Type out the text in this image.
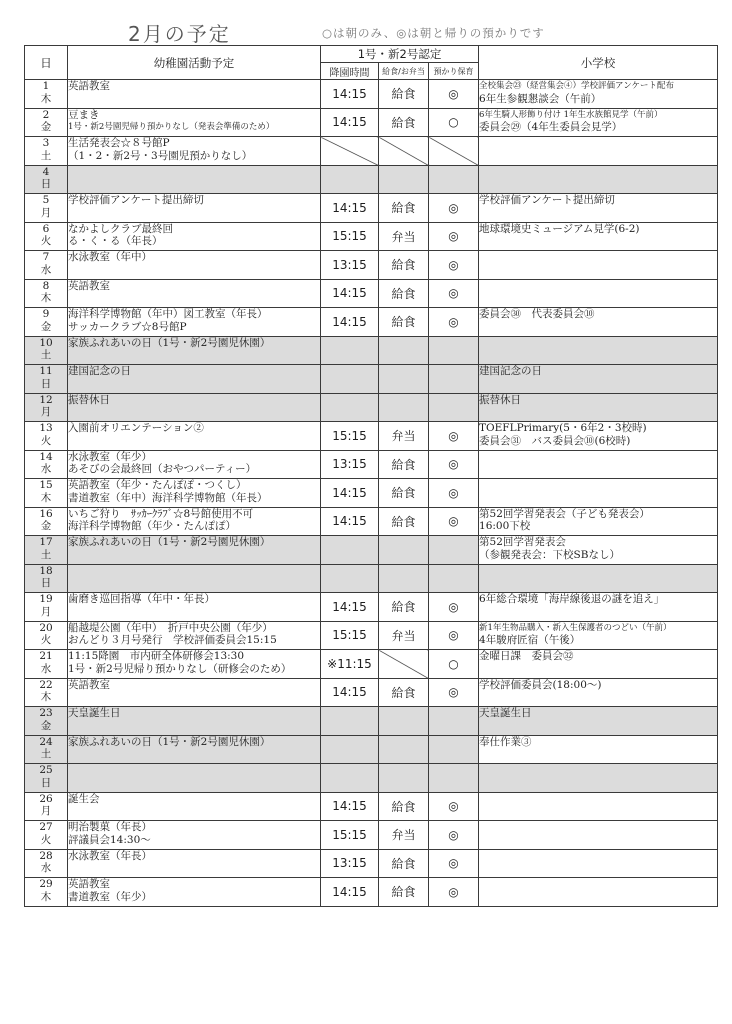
2月の予定	○は朝のみ、◎は朝と帰りの預かりです
日	幼稚園活動予定	1号・新2号認定			小学校
		降園時間	給食/お弁当	預かり保育	

1
木	英語教室	14:15	給食	◎	全校集会㉓（経営集会④）学校評価アンケート配布
6年生参観懇談会（午前）

2
金	豆まき
1号・新2号園児帰り預かりなし（発表会準備のため）	14:15	給食	○	6年生騎人形飾り付け 1年生水族館見学（午前）
委員会㉙（4年生委員会見学）

3
土	生活発表会☆８号館P
（1・2・新2号・3号園児預かりなし）				

4
日					

5
月	学校評価アンケート提出締切	14:15	給食	◎	学校評価アンケート提出締切

6
火	なかよしクラブ最終回
る・く・る（年長）	15:15	弁当	◎	地球環境史ミュージアム見学(6-2)

7
水	水泳教室（年中）	13:15	給食	◎	

8
木	英語教室	14:15	給食	◎	

9
金	海洋科学博物館（年中）図工教室（年長）
サッカークラブ☆8号館P	14:15	給食	◎	委員会㉚　代表委員会⑩

10
土	家族ふれあいの日（1号・新2号園児休園）				

11
日	建国記念の日				建国記念の日

12
月	振替休日				振替休日

13
火	入園前オリエンテーション②	15:15	弁当	◎	TOEFLPrimary(5・6年2・3校時)
委員会㉛　バス委員会⑩(6校時)

14
水	水泳教室（年少）
あそびの会最終回（おやつパーティー）	13:15	給食	◎	

15
木	英語教室（年少・たんぽぽ・つくし）
書道教室（年中）海洋科学博物館（年長）	14:15	給食	◎	

16
金	いちご狩り　ｻｯｶｰｸﾗﾌﾞ☆8号館使用不可
海洋科学博物館（年少・たんぽぽ）	14:15	給食	◎	第52回学習発表会（子ども発表会）
16:00下校

17
土	家族ふれあいの日（1号・新2号園児休園）				第52回学習発表会
（参観発表会：下校SBなし）

18
日					

19
月	歯磨き巡回指導（年中・年長）	14:15	給食	◎	6年総合環境「海岸線後退の謎を追え」

20
火	船越堤公園（年中）　折戸中央公園（年少）
おんどり３月号発行　学校評価委員会15:15	15:15	弁当	◎	新1年生物品購入・新入生保護者のつどい（午前）
4年駿府匠宿（午後）

21
水	11:15降園　市内研全体研修会13:30
1号・新2号児帰り預かりなし（研修会のため）	※11:15		○	金曜日課　委員会㉜

22
木	英語教室	14:15	給食	◎	学校評価委員会(18:00～)

23
金	天皇誕生日				天皇誕生日

24
土	家族ふれあいの日（1号・新2号園児休園）				奉仕作業③

25
日					

26
月	誕生会	14:15	給食	◎	

27
火	明治製菓（年長）
評議員会14:30～	15:15	弁当	◎	

28
水	水泳教室（年長）	13:15	給食	◎	

29
木	英語教室
書道教室（年少）	14:15	給食	◎	
